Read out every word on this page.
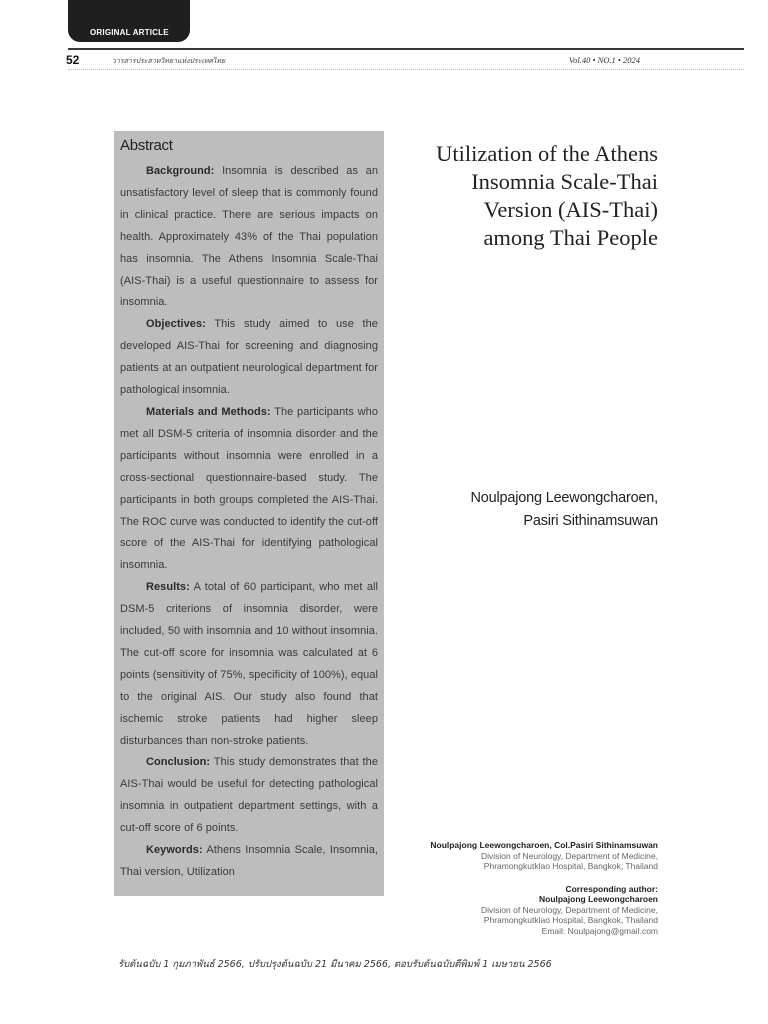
ORIGINAL ARTICLE
52	วารสารประสาทวิทยาแห่งประเทศไทย	Vol.40 • NO.1 • 2024
Abstract

Background: Insomnia is described as an unsatisfactory level of sleep that is commonly found in clinical practice. There are serious impacts on health. Approximately 43% of the Thai population has insomnia. The Athens Insomnia Scale-Thai (AIS-Thai) is a useful questionnaire to assess for insomnia.

Objectives: This study aimed to use the developed AIS-Thai for screening and diagnosing patients at an outpatient neurological department for pathological insomnia.

Materials and Methods: The participants who met all DSM-5 criteria of insomnia disorder and the participants without insomnia were enrolled in a cross-sectional questionnaire-based study. The participants in both groups completed the AIS-Thai. The ROC curve was conducted to identify the cut-off score of the AIS-Thai for identifying pathological insomnia.

Results: A total of 60 participant, who met all DSM-5 criterions of insomnia disorder, were included, 50 with insomnia and 10 without insomnia. The cut-off score for insomnia was calculated at 6 points (sensitivity of 75%, specificity of 100%), equal to the original AIS. Our study also found that ischemic stroke patients had higher sleep disturbances than non-stroke patients.

Conclusion: This study demonstrates that the AIS-Thai would be useful for detecting pathological insomnia in outpatient department settings, with a cut-off score of 6 points.

Keywords: Athens Insomnia Scale, Insomnia, Thai version, Utilization

Utilization of the Athens
Insomnia Scale-Thai
Version (AIS-Thai)
among Thai People
Noulpajong Leewongcharoen,
Pasiri Sithinamsuwan
Noulpajong Leewongcharoen, Col.Pasiri Sithinamsuwan
Division of Neurology, Department of Medicine,
Phramongkutklao Hospital, Bangkok, Thailand
Corresponding author:
Noulpajong Leewongcharoen
Division of Neurology, Department of Medicine,
Phramongkutklao Hospital, Bangkok, Thailand
Email: Noulpajong@gmail.com
รับต้นฉบับ 1 กุมภาพันธ์ 2566, ปรับปรุงต้นฉบับ 21 มีนาคม 2566, ตอบรับต้นฉบับตีพิมพ์ 1 เมษายน 2566
